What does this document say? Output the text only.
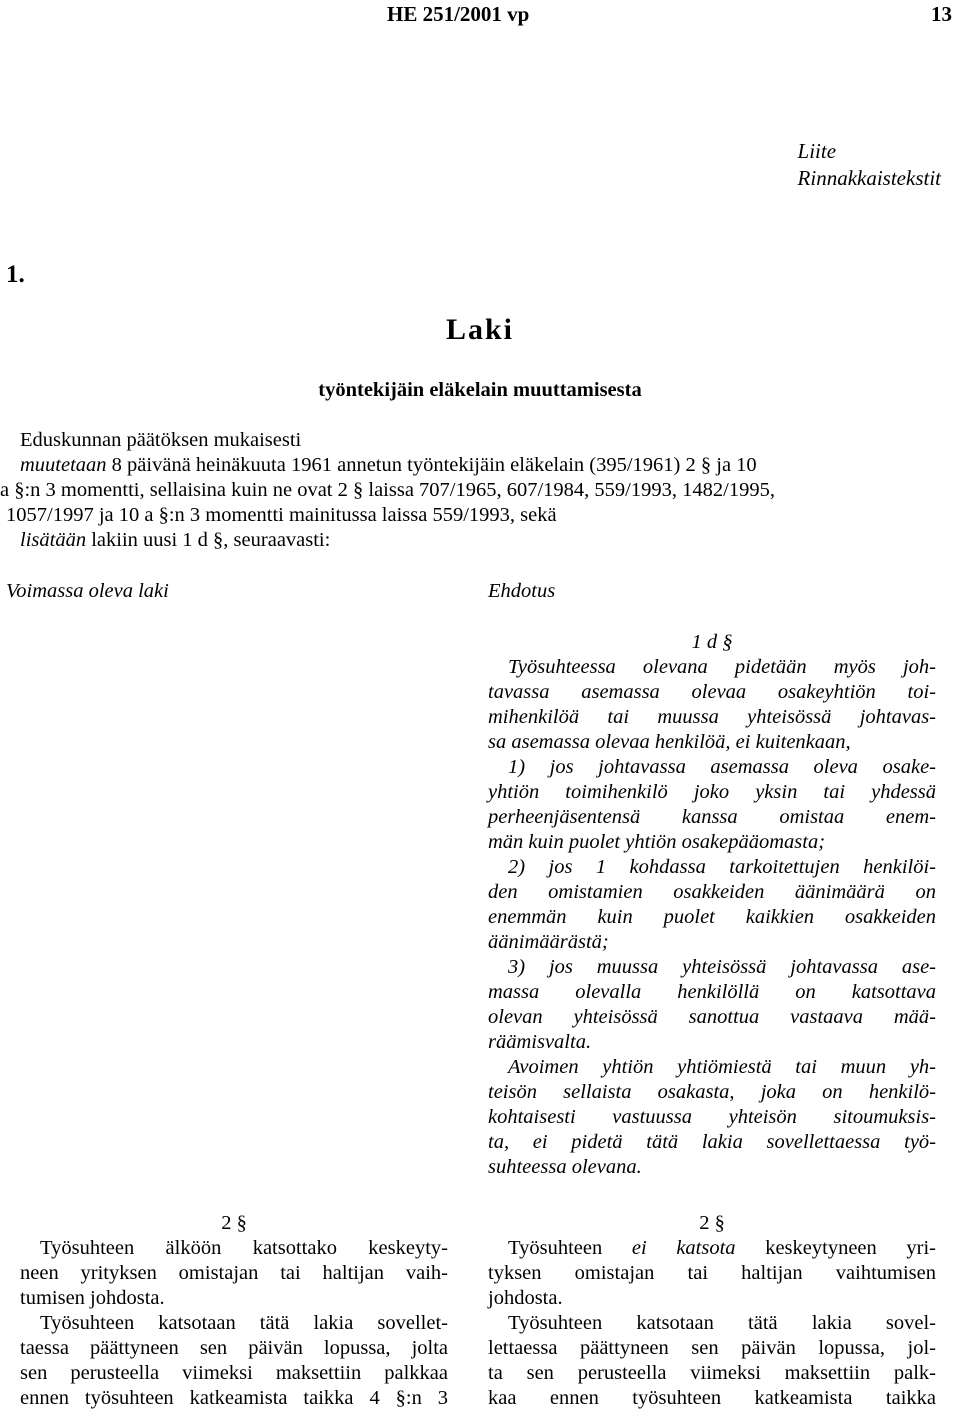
HE 251/2001 vp	13
Liite
Rinnakkaistekstit
1.
Laki
työntekijäin eläkelain muuttamisesta
Eduskunnan päätöksen mukaisesti
muutetaan 8 päivänä heinäkuuta 1961 annetun työntekijäin eläkelain (395/1961) 2 § ja 10
a §:n 3 momentti, sellaisina kuin ne ovat 2 § laissa 707/1965, 607/1984, 559/1993, 1482/1995,
1057/1997 ja 10 a §:n 3 momentti mainitussa laissa 559/1993, sekä
lisätään lakiin uusi 1 d §, seuraavasti:
Voimassa oleva laki	Ehdotus
1 d §
Työsuhteessa olevana pidetään myös joh-
tavassa asemassa olevaa osakeyhtiön toi-
mihenkilöä tai muussa yhteisössä johtavas-
sa asemassa olevaa henkilöä, ei kuitenkaan,
1) jos johtavassa asemassa oleva osake-
yhtiön toimihenkilö joko yksin tai yhdessä
perheenjäsentensä kanssa omistaa enem-
män kuin puolet yhtiön osakepääomasta;
2) jos 1 kohdassa tarkoitettujen henkilöi-
den omistamien osakkeiden äänimäärä on
enemmän kuin puolet kaikkien osakkeiden
äänimäärästä;
3) jos muussa yhteisössä johtavassa ase-
massa olevalla henkilöllä on katsottava
olevan yhteisössä sanottua vastaava mää-
räämisvalta.
Avoimen yhtiön yhtiömiestä tai muun yh-
teisön sellaista osakasta, joka on henkilö-
kohtaisesti vastuussa yhteisön sitoumuksis-
ta, ei pidetä tätä lakia sovellettaessa työ-
suhteessa olevana.
2 §
Työsuhteen älköön katsottako keskeyty-
neen yrityksen omistajan tai haltijan vaih-
tumisen johdosta.
Työsuhteen katsotaan tätä lakia sovellet-
taessa päättyneen sen päivän lopussa, jolta
sen perusteella viimeksi maksettiin palkkaa
ennen työsuhteen katkeamista taikka 4 §:n 3
2 §
Työsuhteen ei katsota keskeytyneen yri-
tyksen omistajan tai haltijan vaihtumisen
johdosta.
Työsuhteen katsotaan tätä lakia sovel-
lettaessa päättyneen sen päivän lopussa, jol-
ta sen perusteella viimeksi maksettiin palk-
kaa ennen työsuhteen katkeamista taikka
